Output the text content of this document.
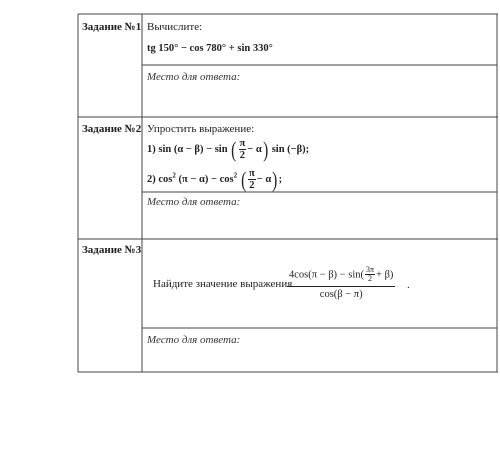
Задание №1 Вычислите:
tg 150° − cos 780° + sin 330°
Место для ответа:
Задание №2 Упростить выражение:
1) sin (α − β) − sin ( $\frac{\pi}{2} - \alpha$) sin (−β);
2) $\cos^2 (\pi - \alpha) - \cos^2$ ( $\frac{\pi}{2} - \alpha$);
Место для ответа:
Задание №3
Найдите значение выражения
$\frac{4\cos(\pi - \beta) - \sin( \frac{3\pi}{2} + \beta)}{\cos(\beta - \pi)}$ .
Место для ответа:
